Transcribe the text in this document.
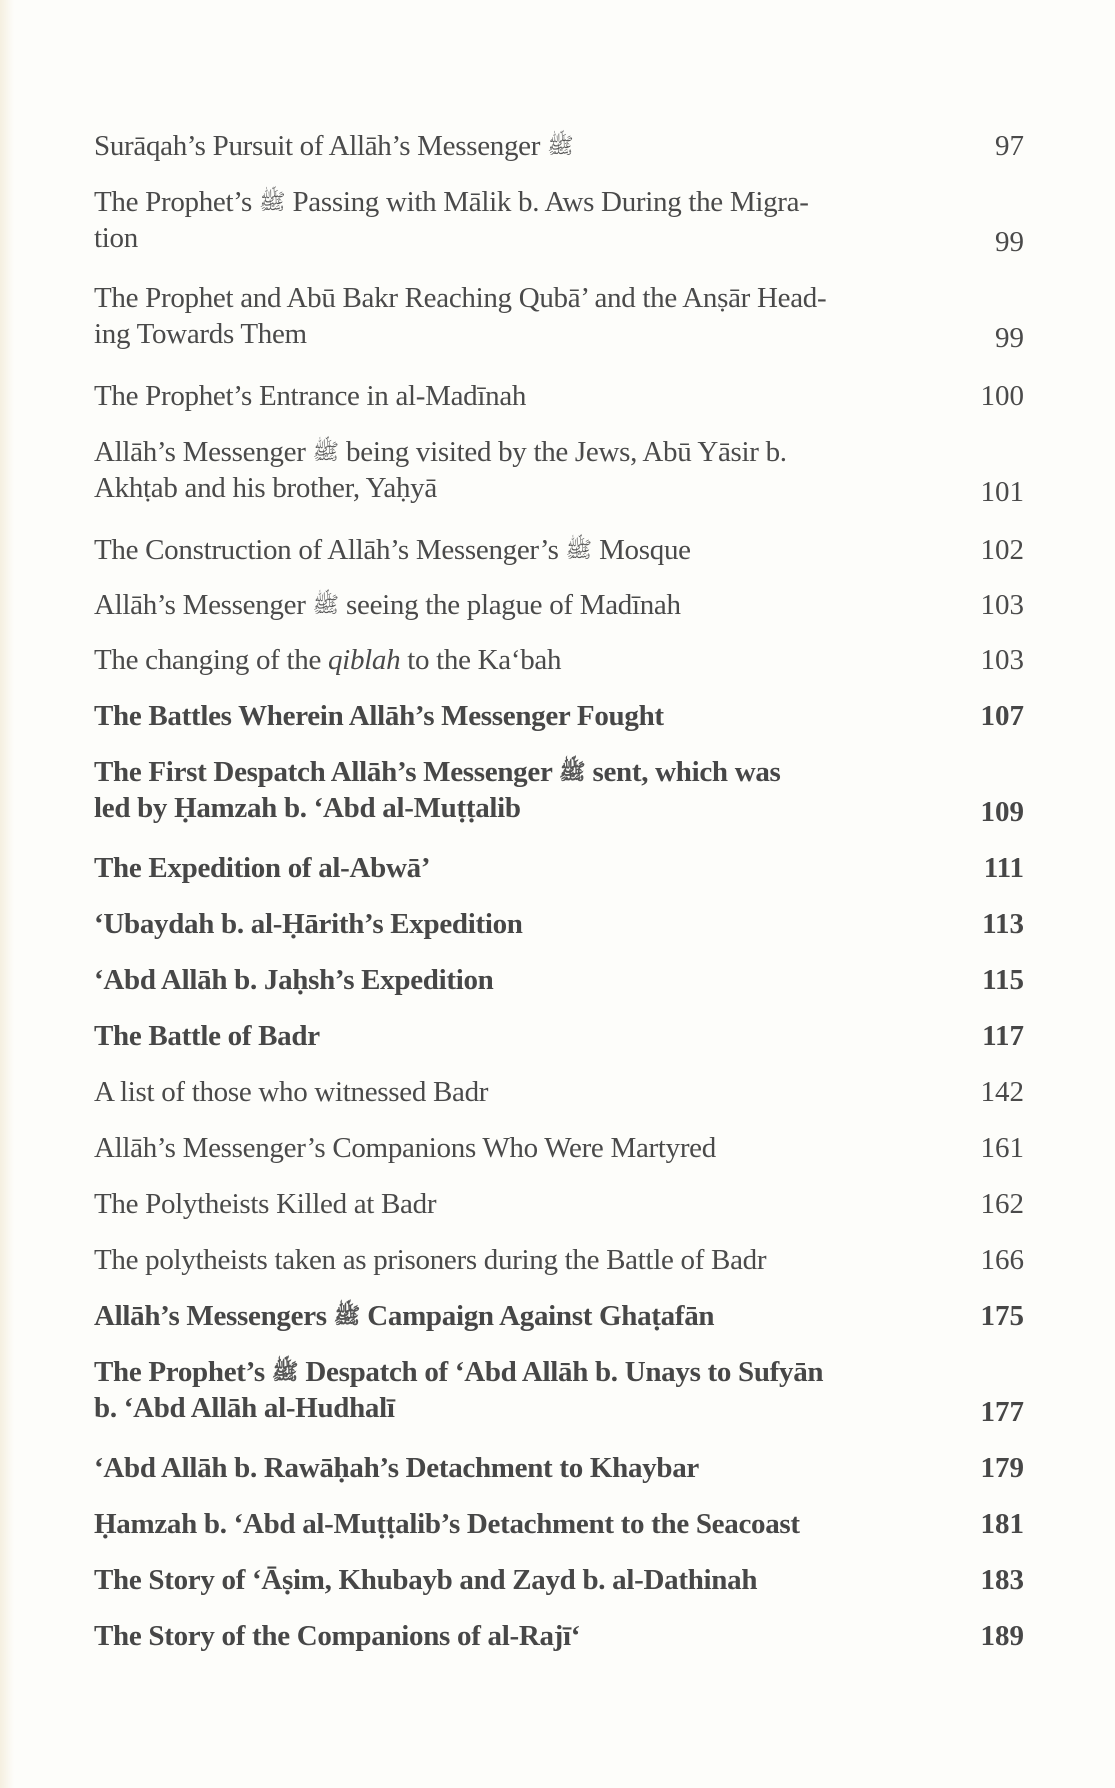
Surāqah’s Pursuit of Allāh’s Messenger ﷺ	97
The Prophet’s ﷺ Passing with Mālik b. Aws During the Migra-
tion	99
The Prophet and Abū Bakr Reaching Qubā’ and the Anṣār Head-
ing Towards Them	99
The Prophet’s Entrance in al-Madīnah	100
Allāh’s Messenger ﷺ being visited by the Jews, Abū Yāsir b.
Akhṭab and his brother, Yaḥyā	101
The Construction of Allāh’s Messenger’s ﷺ Mosque	102
Allāh’s Messenger ﷺ seeing the plague of Madīnah	103
The changing of the qiblah to the Ka‘bah	103
The Battles Wherein Allāh’s Messenger Fought	107
The First Despatch Allāh’s Messenger ﷺ sent, which was
led by Ḥamzah b. ‘Abd al-Muṭṭalib	109
The Expedition of al-Abwā’	111
‘Ubaydah b. al-Ḥārith’s Expedition	113
‘Abd Allāh b. Jaḥsh’s Expedition	115
The Battle of Badr	117
A list of those who witnessed Badr	142
Allāh’s Messenger’s Companions Who Were Martyred	161
The Polytheists Killed at Badr	162
The polytheists taken as prisoners during the Battle of Badr	166
Allāh’s Messengers ﷺ Campaign Against Ghaṭafān	175
The Prophet’s ﷺ Despatch of ‘Abd Allāh b. Unays to Sufyān
b. ‘Abd Allāh al-Hudhalī	177
‘Abd Allāh b. Rawāḥah’s Detachment to Khaybar	179
Ḥamzah b. ‘Abd al-Muṭṭalib’s Detachment to the Seacoast	181
The Story of ‘Āṣim, Khubayb and Zayd b. al-Dathinah	183
The Story of the Companions of al-Rajī‘	189
